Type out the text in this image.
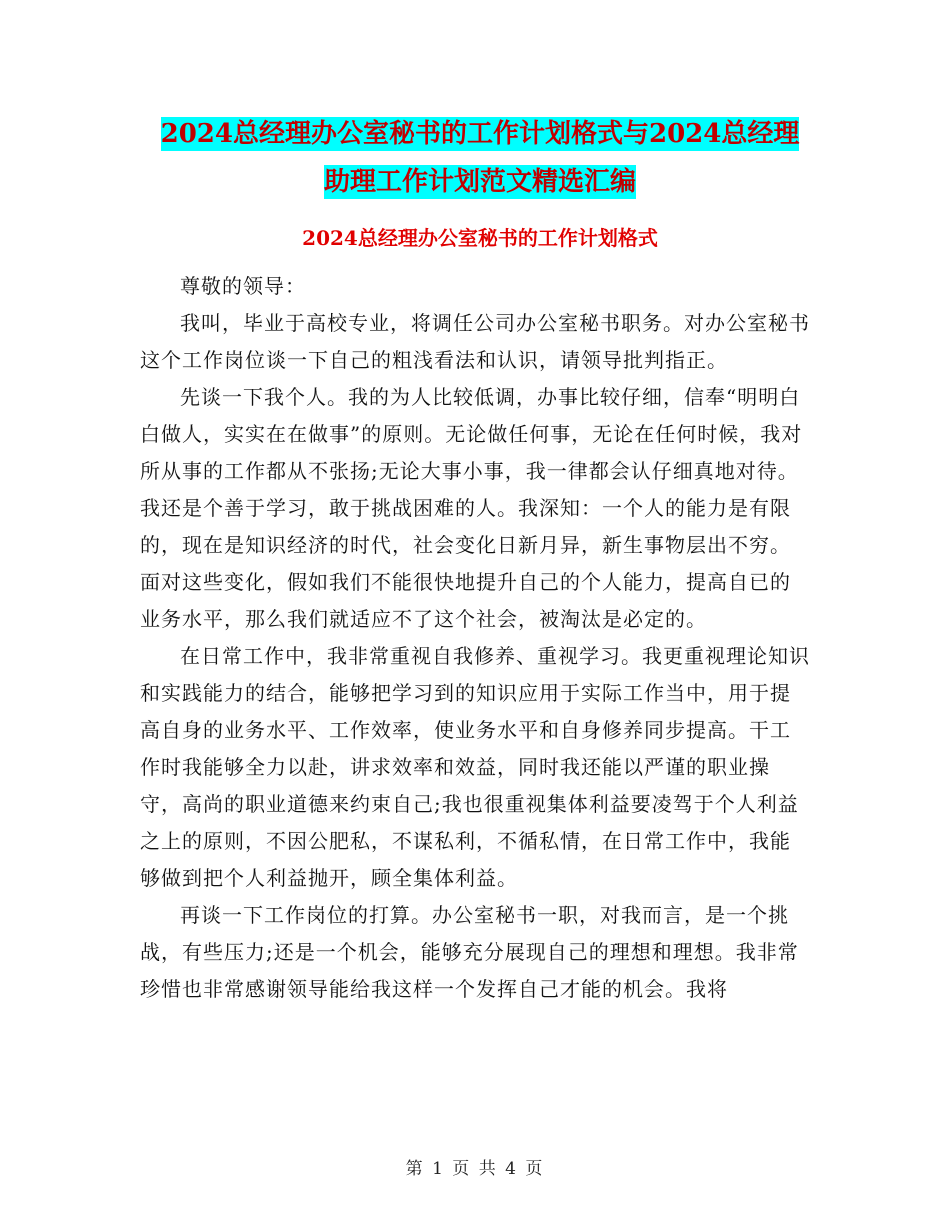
2024总经理办公室秘书的工作计划格式与2024总经理
助理工作计划范文精选汇编
2024总经理办公室秘书的工作计划格式

尊敬的领导：

我叫，毕业于高校专业，将调任公司办公室秘书职务。对办公室秘书这个工作岗位谈一下自己的粗浅看法和认识，请领导批判指正。

先谈一下我个人。我的为人比较低调，办事比较仔细，信奉“明明白白做人，实实在在做事”的原则。无论做任何事，无论在任何时候，我对所从事的工作都从不张扬;无论大事小事，我一律都会认仔细真地对待。我还是个善于学习，敢于挑战困难的人。我深知：一个人的能力是有限的，现在是知识经济的时代，社会变化日新月异，新生事物层出不穷。面对这些变化，假如我们不能很快地提升自己的个人能力，提高自已的业务水平，那么我们就适应不了这个社会，被淘汰是必定的。

在日常工作中，我非常重视自我修养、重视学习。我更重视理论知识和实践能力的结合，能够把学习到的知识应用于实际工作当中，用于提高自身的业务水平、工作效率，使业务水平和自身修养同步提高。干工作时我能够全力以赴，讲求效率和效益，同时我还能以严谨的职业操守，高尚的职业道德来约束自己;我也很重视集体利益要凌驾于个人利益之上的原则，不因公肥私，不谋私利，不循私情，在日常工作中，我能够做到把个人利益抛开，顾全集体利益。

再谈一下工作岗位的打算。办公室秘书一职，对我而言，是一个挑战，有些压力;还是一个机会，能够充分展现自己的理想和理想。我非常珍惜也非常感谢领导能给我这样一个发挥自己才能的机会。我将

第 1 页 共 4 页
